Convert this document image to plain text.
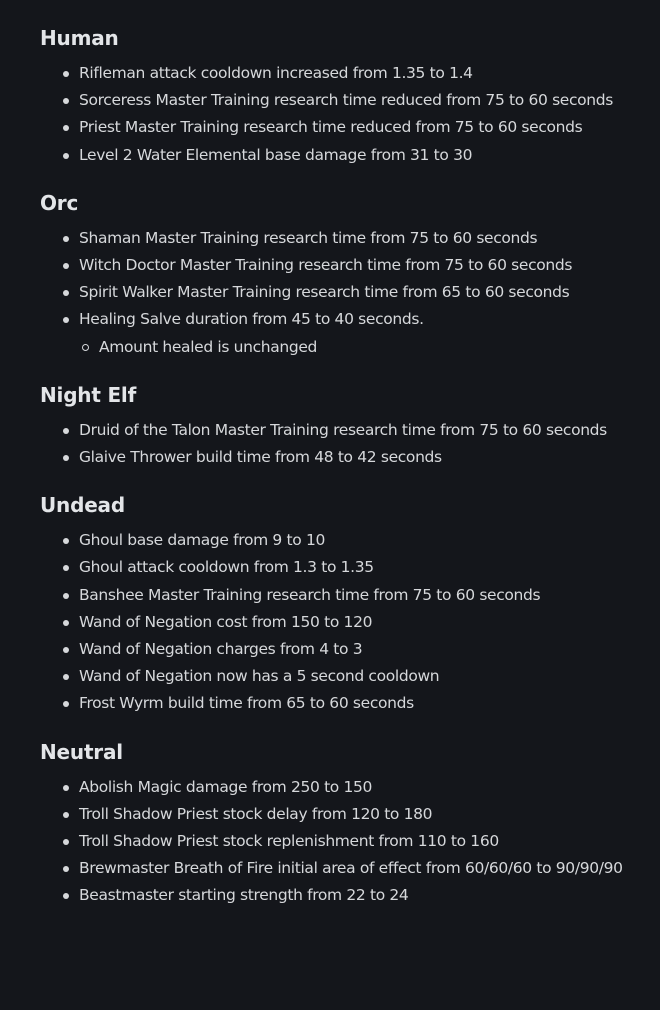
Human
Rifleman attack cooldown increased from 1.35 to 1.4
Sorceress Master Training research time reduced from 75 to 60 seconds
Priest Master Training research time reduced from 75 to 60 seconds
Level 2 Water Elemental base damage from 31 to 30
Orc
Shaman Master Training research time from 75 to 60 seconds
Witch Doctor Master Training research time from 75 to 60 seconds
Spirit Walker Master Training research time from 65 to 60 seconds
Healing Salve duration from 45 to 40 seconds.
Amount healed is unchanged
Night Elf
Druid of the Talon Master Training research time from 75 to 60 seconds
Glaive Thrower build time from 48 to 42 seconds
Undead
Ghoul base damage from 9 to 10
Ghoul attack cooldown from 1.3 to 1.35
Banshee Master Training research time from 75 to 60 seconds
Wand of Negation cost from 150 to 120
Wand of Negation charges from 4 to 3
Wand of Negation now has a 5 second cooldown
Frost Wyrm build time from 65 to 60 seconds
Neutral
Abolish Magic damage from 250 to 150
Troll Shadow Priest stock delay from 120 to 180
Troll Shadow Priest stock replenishment from 110 to 160
Brewmaster Breath of Fire initial area of effect from 60/60/60 to 90/90/90
Beastmaster starting strength from 22 to 24
